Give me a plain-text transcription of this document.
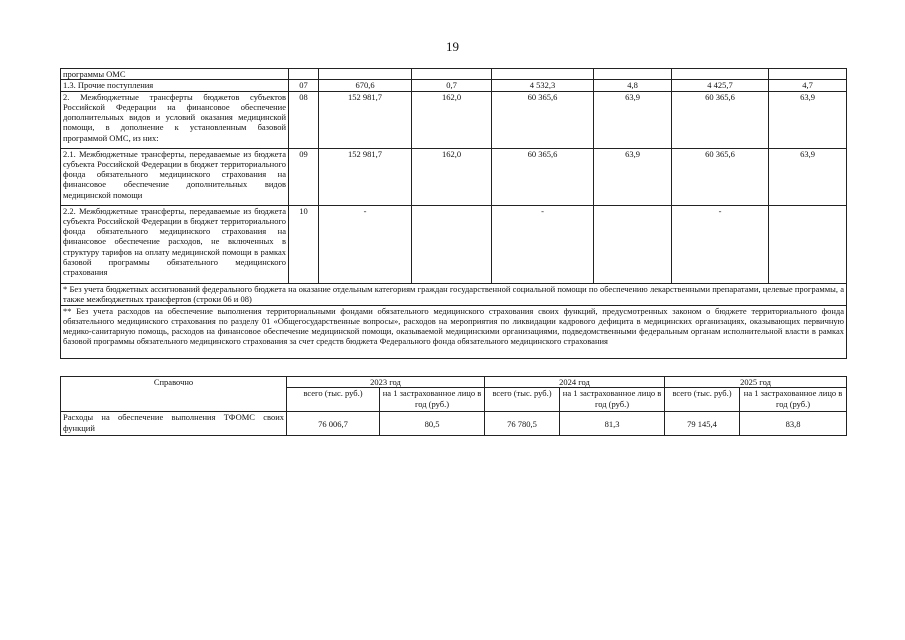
19
программы ОМС							
1.3. Прочие поступления	07	670,6	0,7	4 532,3	4,8	4 425,7	4,7
2. Межбюджетные трансферты бюджетов субъектов Российской Федерации на финансовое обеспечение дополнительных видов и условий оказания медицинской помощи, в дополнение к установленным базовой программой ОМС, из них:	08	152 981,7	162,0	60 365,6	63,9	60 365,6	63,9
2.1. Межбюджетные трансферты, передаваемые из бюджета субъекта Российской Федерации в бюджет территориального фонда обязательного медицинского страхования на финансовое обеспечение дополнительных видов медицинской помощи	09	152 981,7	162,0	60 365,6	63,9	60 365,6	63,9
2.2. Межбюджетные трансферты, передаваемые из бюджета субъекта Российской Федерации в бюджет территориального фонда обязательного медицинского страхования на финансовое обеспечение расходов, не включенных в структуру тарифов на оплату медицинской помощи в рамках базовой программы обязательного медицинского страхования	10	-		-		-	
* Без учета бюджетных ассигнований федерального бюджета на оказание отдельным категориям граждан государственной социальной помощи по обеспечению лекарственными препаратами, целевые программы, а также межбюджетных трансфертов (строки 06 и 08)							
** Без учета расходов на обеспечение выполнения территориальными фондами обязательного медицинского страхования своих функций, предусмотренных законом о бюджете территориального фонда обязательного медицинского страхования по разделу 01 «Общегосударственные вопросы», расходов на мероприятия по ликвидации кадрового дефицита в медицинских организациях, оказывающих первичную медико-санитарную помощь, расходов на финансовое обеспечение медицинской помощи, оказываемой медицинскими организациями, подведомственными федеральным органам исполнительной власти в рамках базовой программы обязательного медицинского страхования за счет средств бюджета Федерального фонда обязательного медицинского страхования							
Справочно	2023 год		2024 год		2025 год	
	всего (тыс. руб.)	на 1 застрахованное лицо в год (руб.)	всего (тыс. руб.)	на 1 застрахованное лицо в год (руб.)	всего (тыс. руб.)	на 1 застрахованное лицо в год (руб.)
Расходы на обеспечение выполнения ТФОМС своих функций	76 006,7	80,5	76 780,5	81,3	79 145,4	83,8
